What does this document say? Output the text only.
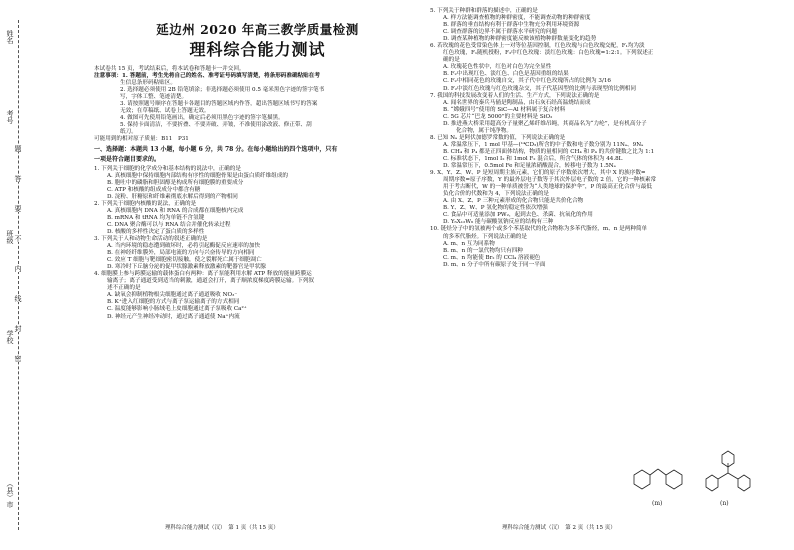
姓名
考号
班级
学校
（县）市
题
答
要
不
内
线
封
密
延边州 2020 年高三教学质量检测
理科综合能力测试

本试卷共 15 页，考试结束后，将本试卷和答题卡一并交回。

注意事项：1. 答题前，考生先将自己的姓名、准考证号码填写清楚，将条形码准确粘贴在考

生信息条形码粘贴区。

2. 选择题必须使用 2B 铅笔填涂；非选择题必须使用 0.5 毫米黑色字迹的签字笔书

写，字体工整、笔迹清楚。

3. 请按照题号顺序在答题卡各题目的答题区域内作答，超出答题区域书写的答案

无效；在草稿纸、试卷上答题无效。

4. 做图可先使用铅笔画出，确定后必须用黑色字迹的签字笔描黑。

5. 保持卡面清洁，不要折叠、不要弄破、弄皱，不准使用涂改液、修正带、刮

纸刀。

可能用到的相对原子质量：B11　P31

一、选择题：本题共 13 小题，每小题 6 分，共 78 分。在每小题给出的四个选项中，只有

一项是符合题目要求的。

1. 下列关于细胞的化学成分和基本结构的说法中，正确的是

A. 真核细胞中保持细胞内部结构有序性的细胞骨架是由蛋白质纤维组成的

B. 胞吐中的磷脂和胆固醇是构成所有细胞膜的重要成分

C. ATP 和核酸的组成成分中都含有糖

D. 淀粉、肝糖原和纤维素彻底水解后得到的产物相同

2. 下列关于细胞内核酸的说法，正确的是

A. 真核细胞内 DNA 和 RNA 的合成都在细胞核内完成

B. mRNA 和 tRNA 均为单链不含氢键

C. DNA 聚合酶可以与 RNA 结合并催化转录过程

D. 核酸的多样性决定了蛋白质的多样性

3. 下列关于人和动物生命活动的叙述正确的是

A. 当内环境的稳态遭到破坏时，必将引起酶促反应速率的加快

B. 在神经纤维膜外，局部电流的方向与兴奋传导的方向相同

C. 效应 T 细胞与靶细胞密切接触，使之裂解死亡属于细胞凋亡

D. 寒冷时下丘脑分泌的促甲状腺激素释放激素的靶器官是甲状腺

4. 细胞膜上参与跨膜运输的载体蛋白有两种：离子泵能利用水解 ATP 释放的能量跨膜运

输离子；离子通道受到适当的刺激，通道会打开，离子顺浓度梯度跨膜运输。下列叙

述不正确的是

A. 缺氧会抑制植物根尖细胞通过离子通道吸收 NO₃⁻

B. K⁺进入红细胞的方式与离子泵运输离子的方式相同

C. 温度能够影响小肠绒毛上皮细胞通过离子泵吸收 Ca²⁺

D. 神经元产生神经冲动时，通过离子通道使 Na⁺内流

5. 下列关于种群和群落的描述中，正确的是

A. 样方法能调查植物的种群密度，不能调查动物的种群密度

B. 群落的垂直结构有利于群落中生物充分利用环境资源

C. 调查群落的边界不属于群落水平研究的问题

D. 调查某种植物的种群密度能反映该植物种群数量变化的趋势

6. 若玫瑰的花色受常染色体上一对等位基因控制，红色玫瑰与白色玫瑰交配，F₁均为淡

红色玫瑰，F₁随机授粉，F₂中红色玫瑰：淡红色玫瑰：白色玫瑰=1:2:1。下列叙述正

确的是

A. 玫瑰花色性状中，红色对白色为完全显性

B. F₂中出现红色、淡红色、白色是基因重组的结果

C. F₂中相同花色的玫瑰自交，其子代中红色玫瑰所占的比例为 3/16

D. F₂中淡红色玫瑰与红色玫瑰杂交，其子代基因型的比例与表现型的比例相同

7. 我国的科技发展改变着人们的生活、生产方式，下列说法正确的是

A. 闻名世界的秦兵马俑是陶制品，由石灰石经高温烧结而成

B. “嫦娥四号”使用的 SiC—Al 材料属于复合材料

C. 5G 芯片“巴龙 5000”的主要材料是 SiO₂

D. 推进燕大桥采用超高分子量聚乙烯纤维吊绳，其商品名为“力纶”，是有机高分子

化合物，属于纯净物。

8. 已知 Nₐ 是阿伏加德罗常数的值，下列说法正确的是

A. 常温常压下，1 mol 甲基—(¹⁴CD₃)所含的中子数和电子数分别为 11Nₐ、9Nₐ

B. CH₄ 和 P₄ 都是正四面体结构，物质的量相同的 CH₄ 和 P₄ 的共价键数之比为 1:1

C. 标准状态下，1mol I₂ 和 1mol F₂ 混合后，所含气体的体积为 44.8L

D. 常温常压下，0.5mol Fe 和足量浓硝酸混合，转移电子数为 1.5Nₐ

9. X、Y、Z、W、P 是短周期主族元素，它们的原子序数依次增大，其中 X 的族序数=

周期序数=原子序数，Y 的最外层电子数等于其次外层电子数的 2 倍，它的一种核素常

用于考古断代，W 的一种单质被誉为“人类地球的保护伞”，P 的最高正化合价与最低

负化合价的代数和为 4，下列说法正确的是

A. 由 X、Z、P 三种元素形成的化合物只能是共价化合物

B. Y、Z、W、P 氢化物的稳定性依次增强

C. 食品中可适量添加 PW₂，起到去色、杀菌、抗氧化的作用

D. Y₆X₁₂W₆ 能与碳酸氢钠反应的结构有三种

10. 链烃分子中的氢被两个或多个苯基取代的化合物称为多苯代脂烃，m、n 是两种简单

的多苯代脂烃。下列说法正确的是

A. m、n 互为同系物

B. m、n 的一氯代物均只有四种

C. m、n 均能使 Br₂ 的 CCl₄ 溶液褪色

D. m、n 分子中所有碳原子处于同一平面

(m)	(n)
理科综合能力测试（汉）　第 1 页（共 15 页）	理科综合能力测试（汉）　第 2 页（共 15 页）
